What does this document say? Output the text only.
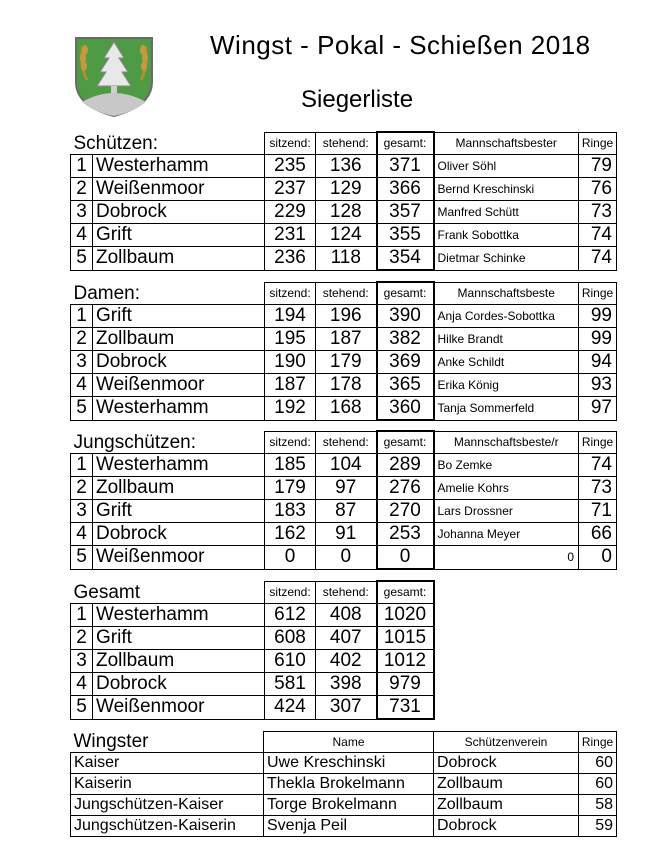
Wingst - Pokal - Schießen 2018
Siegerliste
Schützen:		sitzend:	stehend:	gesamt:	Mannschaftsbester	Ringe
1	Westerhamm	235	136	371	Oliver Söhl	79
2	Weißenmoor	237	129	366	Bernd Kreschinski	76
3	Dobrock	229	128	357	Manfred Schütt	73
4	Grift	231	124	355	Frank Sobottka	74
5	Zollbaum	236	118	354	Dietmar Schinke	74
Damen:		sitzend:	stehend:	gesamt:	Mannschaftsbeste	Ringe
1	Grift	194	196	390	Anja Cordes-Sobottka	99
2	Zollbaum	195	187	382	Hilke Brandt	99
3	Dobrock	190	179	369	Anke Schildt	94
4	Weißenmoor	187	178	365	Erika König	93
5	Westerhamm	192	168	360	Tanja Sommerfeld	97
Jungschützen:		sitzend:	stehend:	gesamt:	Mannschaftsbeste/r	Ringe
1	Westerhamm	185	104	289	Bo Zemke	74
2	Zollbaum	179	97	276	Amelie Kohrs	73
3	Grift	183	87	270	Lars Drossner	71
4	Dobrock	162	91	253	Johanna Meyer	66
5	Weißenmoor	0	0	0	0	0
Gesamt		sitzend:	stehend:	gesamt:
1	Westerhamm	612	408	1020
2	Grift	608	407	1015
3	Zollbaum	610	402	1012
4	Dobrock	581	398	979
5	Weißenmoor	424	307	731
Wingster	Name	Schützenverein	Ringe
Kaiser	Uwe Kreschinski	Dobrock	60
Kaiserin	Thekla Brokelmann	Zollbaum	60
Jungschützen-Kaiser	Torge Brokelmann	Zollbaum	58
Jungschützen-Kaiserin	Svenja Peil	Dobrock	59
